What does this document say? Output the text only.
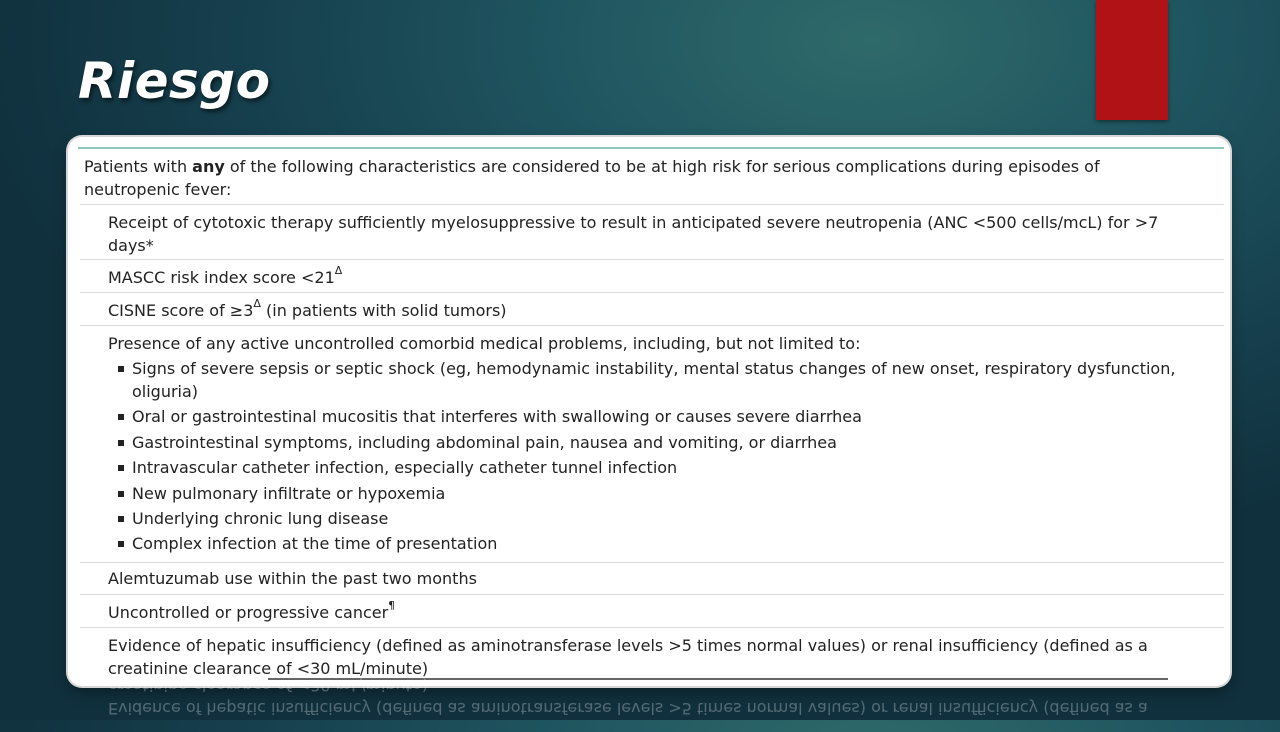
Riesgo
Patients with any of the following characteristics are considered to be at high risk for serious complications during episodes of neutropenic fever:
Receipt of cytotoxic therapy sufficiently myelosuppressive to result in anticipated severe neutropenia (ANC <500 cells/mcL) for >7 days*
MASCC risk index score $<21^\Delta$
CISNE score of $\ge 3^\Delta$ (in patients with solid tumors)
Presence of any active uncontrolled comorbid medical problems, including, but not limited to:
Signs of severe sepsis or septic shock (eg, hemodynamic instability, mental status changes of new onset, respiratory dysfunction, oliguria)
Oral or gastrointestinal mucositis that interferes with swallowing or causes severe diarrhea
Gastrointestinal symptoms, including abdominal pain, nausea and vomiting, or diarrhea
Intravascular catheter infection, especially catheter tunnel infection
New pulmonary infiltrate or hypoxemia
Underlying chronic lung disease
Complex infection at the time of presentation
Alemtuzumab use within the past two months
Uncontrolled or progressive cancer¶
Evidence of hepatic insufficiency (defined as aminotransferase levels >5 times normal values) or renal insufficiency (defined as a creatinine clearance of <30 mL/minute)
Evidence of hepatic insufficiency (defined as aminotransferase levels >5 times normal values) or renal insufficiency (defined as a creatinine clearance of <30 mL/minute)
